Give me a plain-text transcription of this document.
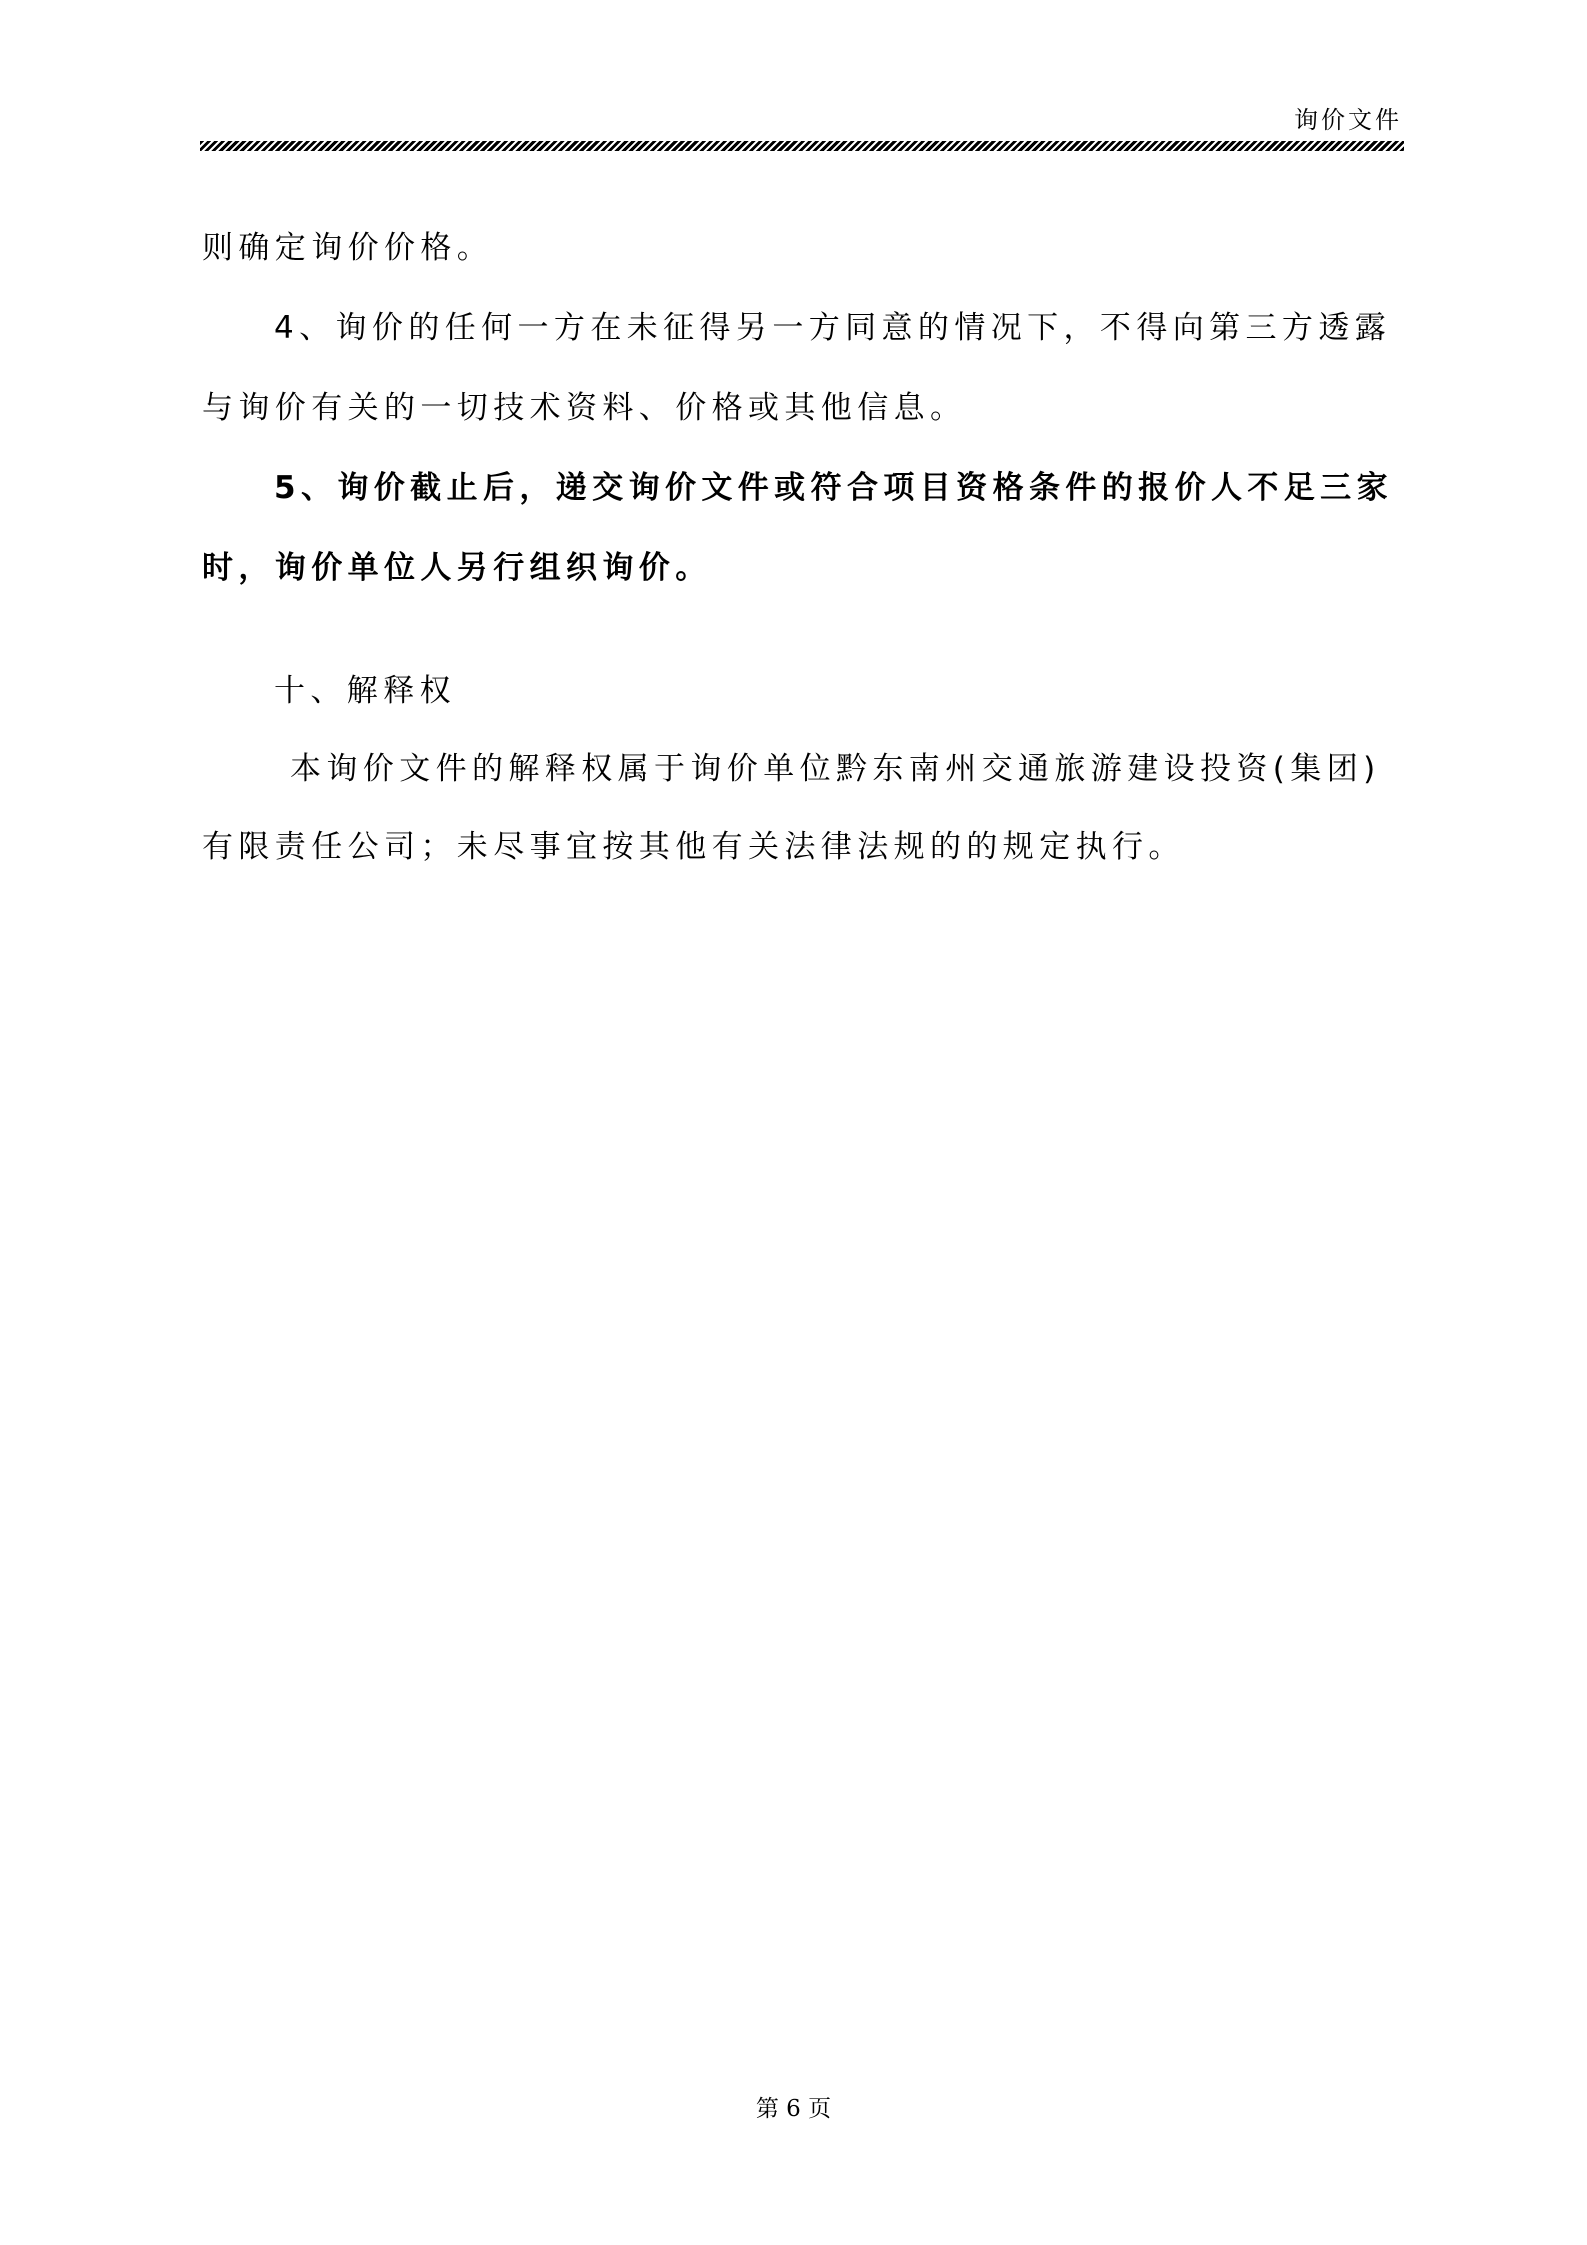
询价文件

则确定询价价格。

4、询价的任何一方在未征得另一方同意的情况下，不得向第三方透露
与询价有关的一切技术资料、价格或其他信息。

5、询价截止后，递交询价文件或符合项目资格条件的报价人不足三家
时，询价单位人另行组织询价。

十、解释权

本询价文件的解释权属于询价单位黔东南州交通旅游建设投资(集团)

有限责任公司；未尽事宜按其他有关法律法规的的规定执行。

第 6 页
